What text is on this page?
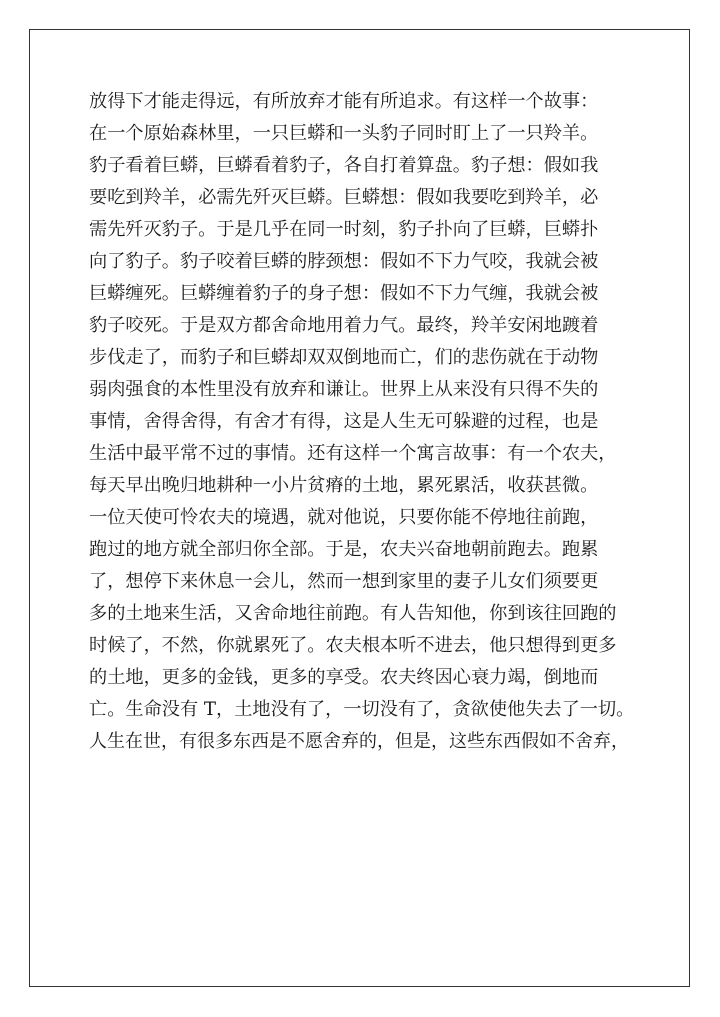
放得下才能走得远，有所放弃才能有所追求。有这样一个故事：
在一个原始森林里，一只巨蟒和一头豹子同时盯上了一只羚羊。
豹子看着巨蟒，巨蟒看着豹子，各自打着算盘。豹子想：假如我
要吃到羚羊，必需先歼灭巨蟒。巨蟒想：假如我要吃到羚羊，必
需先歼灭豹子。于是几乎在同一时刻，豹子扑向了巨蟒，巨蟒扑
向了豹子。豹子咬着巨蟒的脖颈想：假如不下力气咬，我就会被
巨蟒缠死。巨蟒缠着豹子的身子想：假如不下力气缠，我就会被
豹子咬死。于是双方都舍命地用着力气。最终，羚羊安闲地踱着
步伐走了，而豹子和巨蟒却双双倒地而亡，们的悲伤就在于动物
弱肉强食的本性里没有放弃和谦让。世界上从来没有只得不失的
事情，舍得舍得，有舍才有得，这是人生无可躲避的过程，也是
生活中最平常不过的事情。还有这样一个寓言故事：有一个农夫，
每天早出晚归地耕种一小片贫瘠的土地，累死累活，收获甚微。
一位天使可怜农夫的境遇，就对他说，只要你能不停地往前跑，
跑过的地方就全部归你全部。于是，农夫兴奋地朝前跑去。跑累
了，想停下来休息一会儿，然而一想到家里的妻子儿女们须要更
多的土地来生活，又舍命地往前跑。有人告知他，你到该往回跑的
时候了，不然，你就累死了。农夫根本听不进去，他只想得到更多
的土地，更多的金钱，更多的享受。农夫终因心衰力竭，倒地而
亡。生命没有 T，土地没有了，一切没有了，贪欲使他失去了一切。
人生在世，有很多东西是不愿舍弃的，但是，这些东西假如不舍弃，
